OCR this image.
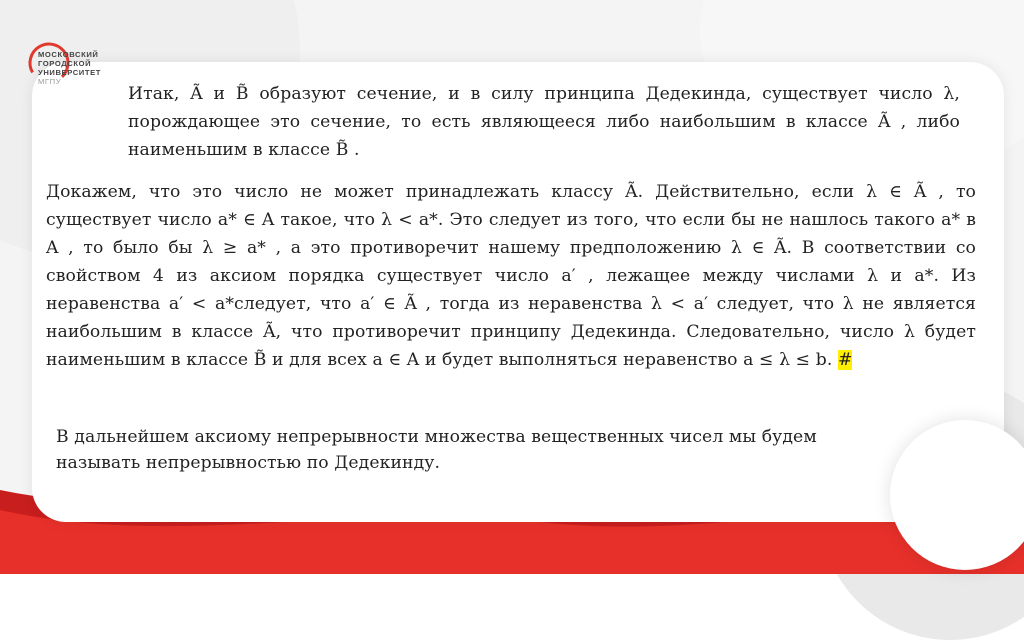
МОСКОВСКИЙ
ГОРОДСКОЙ
УНИВЕРСИТЕТ
МГПУ
Итак, Ã и B̃ образуют сечение, и в силу принципа Дедекинда, существует число λ, порождающее это сечение, то есть являющееся либо наибольшим в классе Ã , либо наименьшим в классе B̃ .
Докажем, что это число не может принадлежать классу Ã. Действительно, если λ ∈ Ã , то существует число a* ∈ A такое, что λ < a*. Это следует из того, что если бы не нашлось такого a* в A , то было бы λ ≥ a* , а это противоречит нашему предположению λ ∈ Ã. В соответствии со свойством 4 из аксиом порядка существует число a′ , лежащее между числами λ и a*. Из неравенства a′ < a*следует, что a′ ∈ Ã , тогда из неравенства λ < a′ следует, что λ не является наибольшим в классе Ã, что противоречит принципу Дедекинда. Следовательно, число λ будет наименьшим в классе B̃ и для всех a ∈ A и будет выполняться неравенство a ≤ λ ≤ b. #
В дальнейшем аксиому непрерывности множества вещественных чисел мы будем называть непрерывностью по Дедекинду.
